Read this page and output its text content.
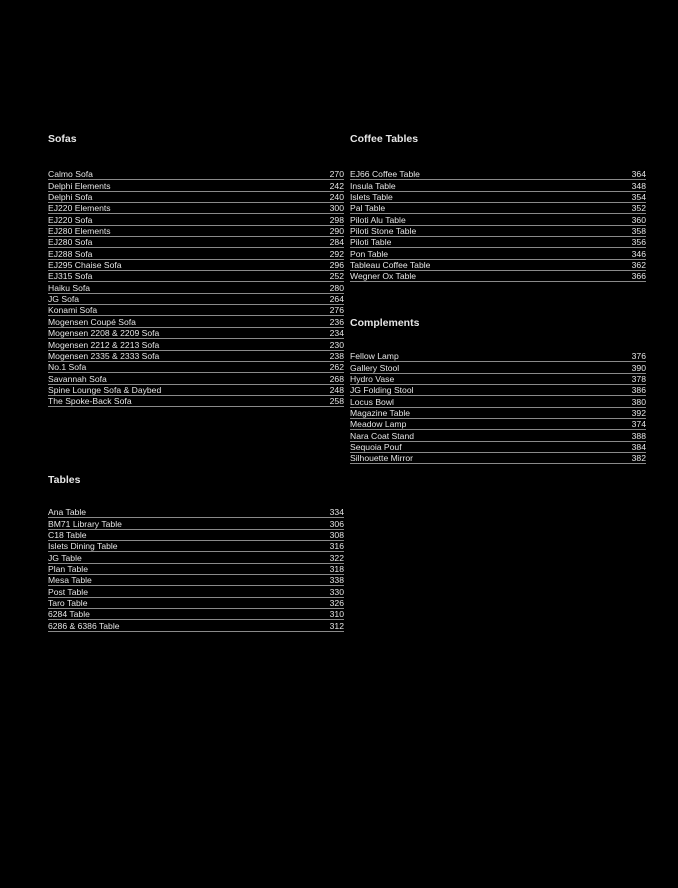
Sofas
Calmo Sofa	270
Delphi Elements	242
Delphi Sofa	240
EJ220 Elements	300
EJ220 Sofa	298
EJ280 Elements	290
EJ280 Sofa	284
EJ288 Sofa	292
EJ295 Chaise Sofa	296
EJ315 Sofa	252
Haiku Sofa	280
JG Sofa	264
Konami Sofa	276
Mogensen Coupé Sofa	236
Mogensen 2208 & 2209 Sofa	234
Mogensen 2212 & 2213 Sofa	230
Mogensen 2335 & 2333 Sofa	238
No.1 Sofa	262
Savannah Sofa	268
Spine Lounge Sofa & Daybed	248
The Spoke-Back Sofa	258
Coffee Tables
EJ66 Coffee Table	364
Insula Table	348
Islets Table	354
Pal Table	352
Piloti Alu Table	360
Piloti Stone Table	358
Piloti Table	356
Pon Table	346
Tableau Coffee Table	362
Wegner Ox Table	366
Complements
Fellow Lamp	376
Gallery Stool	390
Hydro Vase	378
JG Folding Stool	386
Locus Bowl	380
Magazine Table	392
Meadow Lamp	374
Nara Coat Stand	388
Sequoia Pouf	384
Silhouette Mirror	382
Tables
Ana Table	334
BM71 Library Table	306
C18 Table	308
Islets Dining Table	316
JG Table	322
Plan Table	318
Mesa Table	338
Post Table	330
Taro Table	326
6284 Table	310
6286 & 6386 Table	312
